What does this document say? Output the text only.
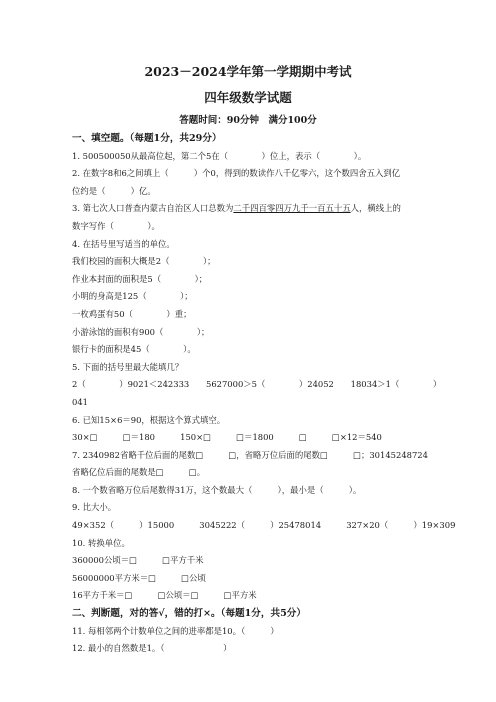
2023－2024学年第一学期期中考试
四年级数学试题
答题时间：90分钟　满分100分
一、填空题。（每题1分，共29分）
1. 500500050从最高位起，第二个5在（　　　　）位上，表示（　　　　）。
2. 在数字8和6之间填上（　　　）个0，得到的数读作八千亿零六，这个数四舍五入到亿
位约是（　　　）亿。
3. 第七次人口普查内蒙古自治区人口总数为二千四百零四万九千一百五十五人，横线上的
数字写作（　　　　）。
4. 在括号里写适当的单位。
我们校园的面积大概是2（　　　　）；
作业本封面的面积是5（　　　　）；
小明的身高是125（　　　　）；
一枚鸡蛋有50（　　　　）重；
小游泳馆的面积有900（　　　　）；
银行卡的面积是45（　　　　）。
5. 下面的括号里最大能填几？
2（　　　　）9021＜242333　　5627000＞5（　　　　）24052　　18034＞1（　　　　）
041
6. 已知15×6＝90，根据这个算式填空。
30×□　　　□＝180　　　150×□　　　□＝1800　　　□　　　□×12＝540
7. 2340982省略千位后面的尾数□　　　□，省略万位后面的尾数□　　　□；30145248724
省略亿位后面的尾数是□　　　□。
8. 一个数省略万位后尾数得31万，这个数最大（　　　），最小是（　　　）。
9. 比大小。
49×352（　　　）15000　　　3045222（　　　）25478014　　　327×20（　　　）19×309
10. 转换单位。
360000公顷＝□　　　□平方千米
56000000平方米＝□　　　□公顷
16平方千米＝□　　　□公顷＝□　　　□平方米
二、判断题，对的答√，错的打×。（每题1分，共5分）
11. 每相邻两个计数单位之间的进率都是10。（　　　）
12. 最小的自然数是1。（　　　　　　　）
